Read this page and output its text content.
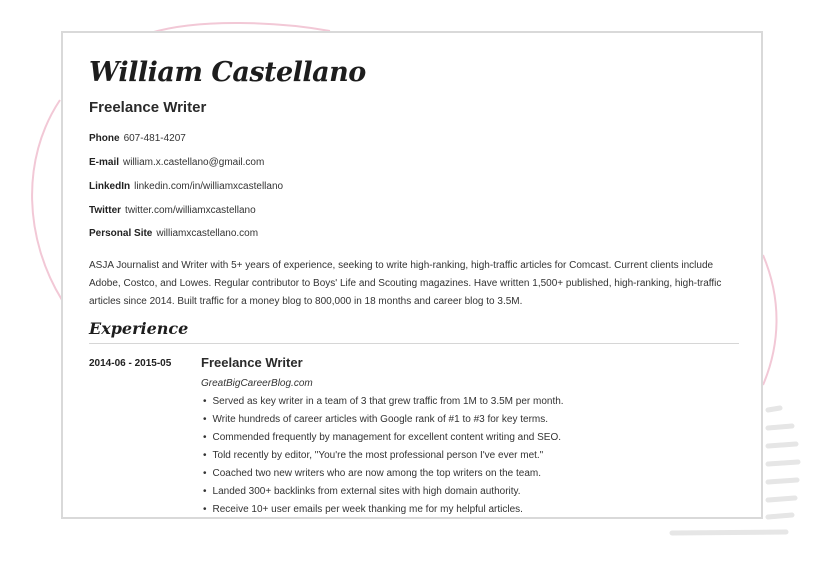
William Castellano
Freelance Writer
Phone 607-481-4207
E-mail william.x.castellano@gmail.com
LinkedIn linkedin.com/in/williamxcastellano
Twitter twitter.com/williamxcastellano
Personal Site williamxcastellano.com

ASJA Journalist and Writer with 5+ years of experience, seeking to write high-ranking, high-traffic articles for Comcast. Current clients include Adobe, Costco, and Lowes. Regular contributor to Boys' Life and Scouting magazines. Have written 1,500+ published, high-ranking, high-traffic articles since 2014. Built traffic for a money blog to 800,000 in 18 months and career blog to 3.5M.

Experience
2014-06 - 2015-05 Freelance Writer
GreatBigCareerBlog.com
• Served as key writer in a team of 3 that grew traffic from 1M to 3.5M per month.
• Write hundreds of career articles with Google rank of #1 to #3 for key terms.
• Commended frequently by management for excellent content writing and SEO.
• Told recently by editor, "You're the most professional person I've ever met."
• Coached two new writers who are now among the top writers on the team.
• Landed 300+ backlinks from external sites with high domain authority.
• Receive 10+ user emails per week thanking me for my helpful articles.
